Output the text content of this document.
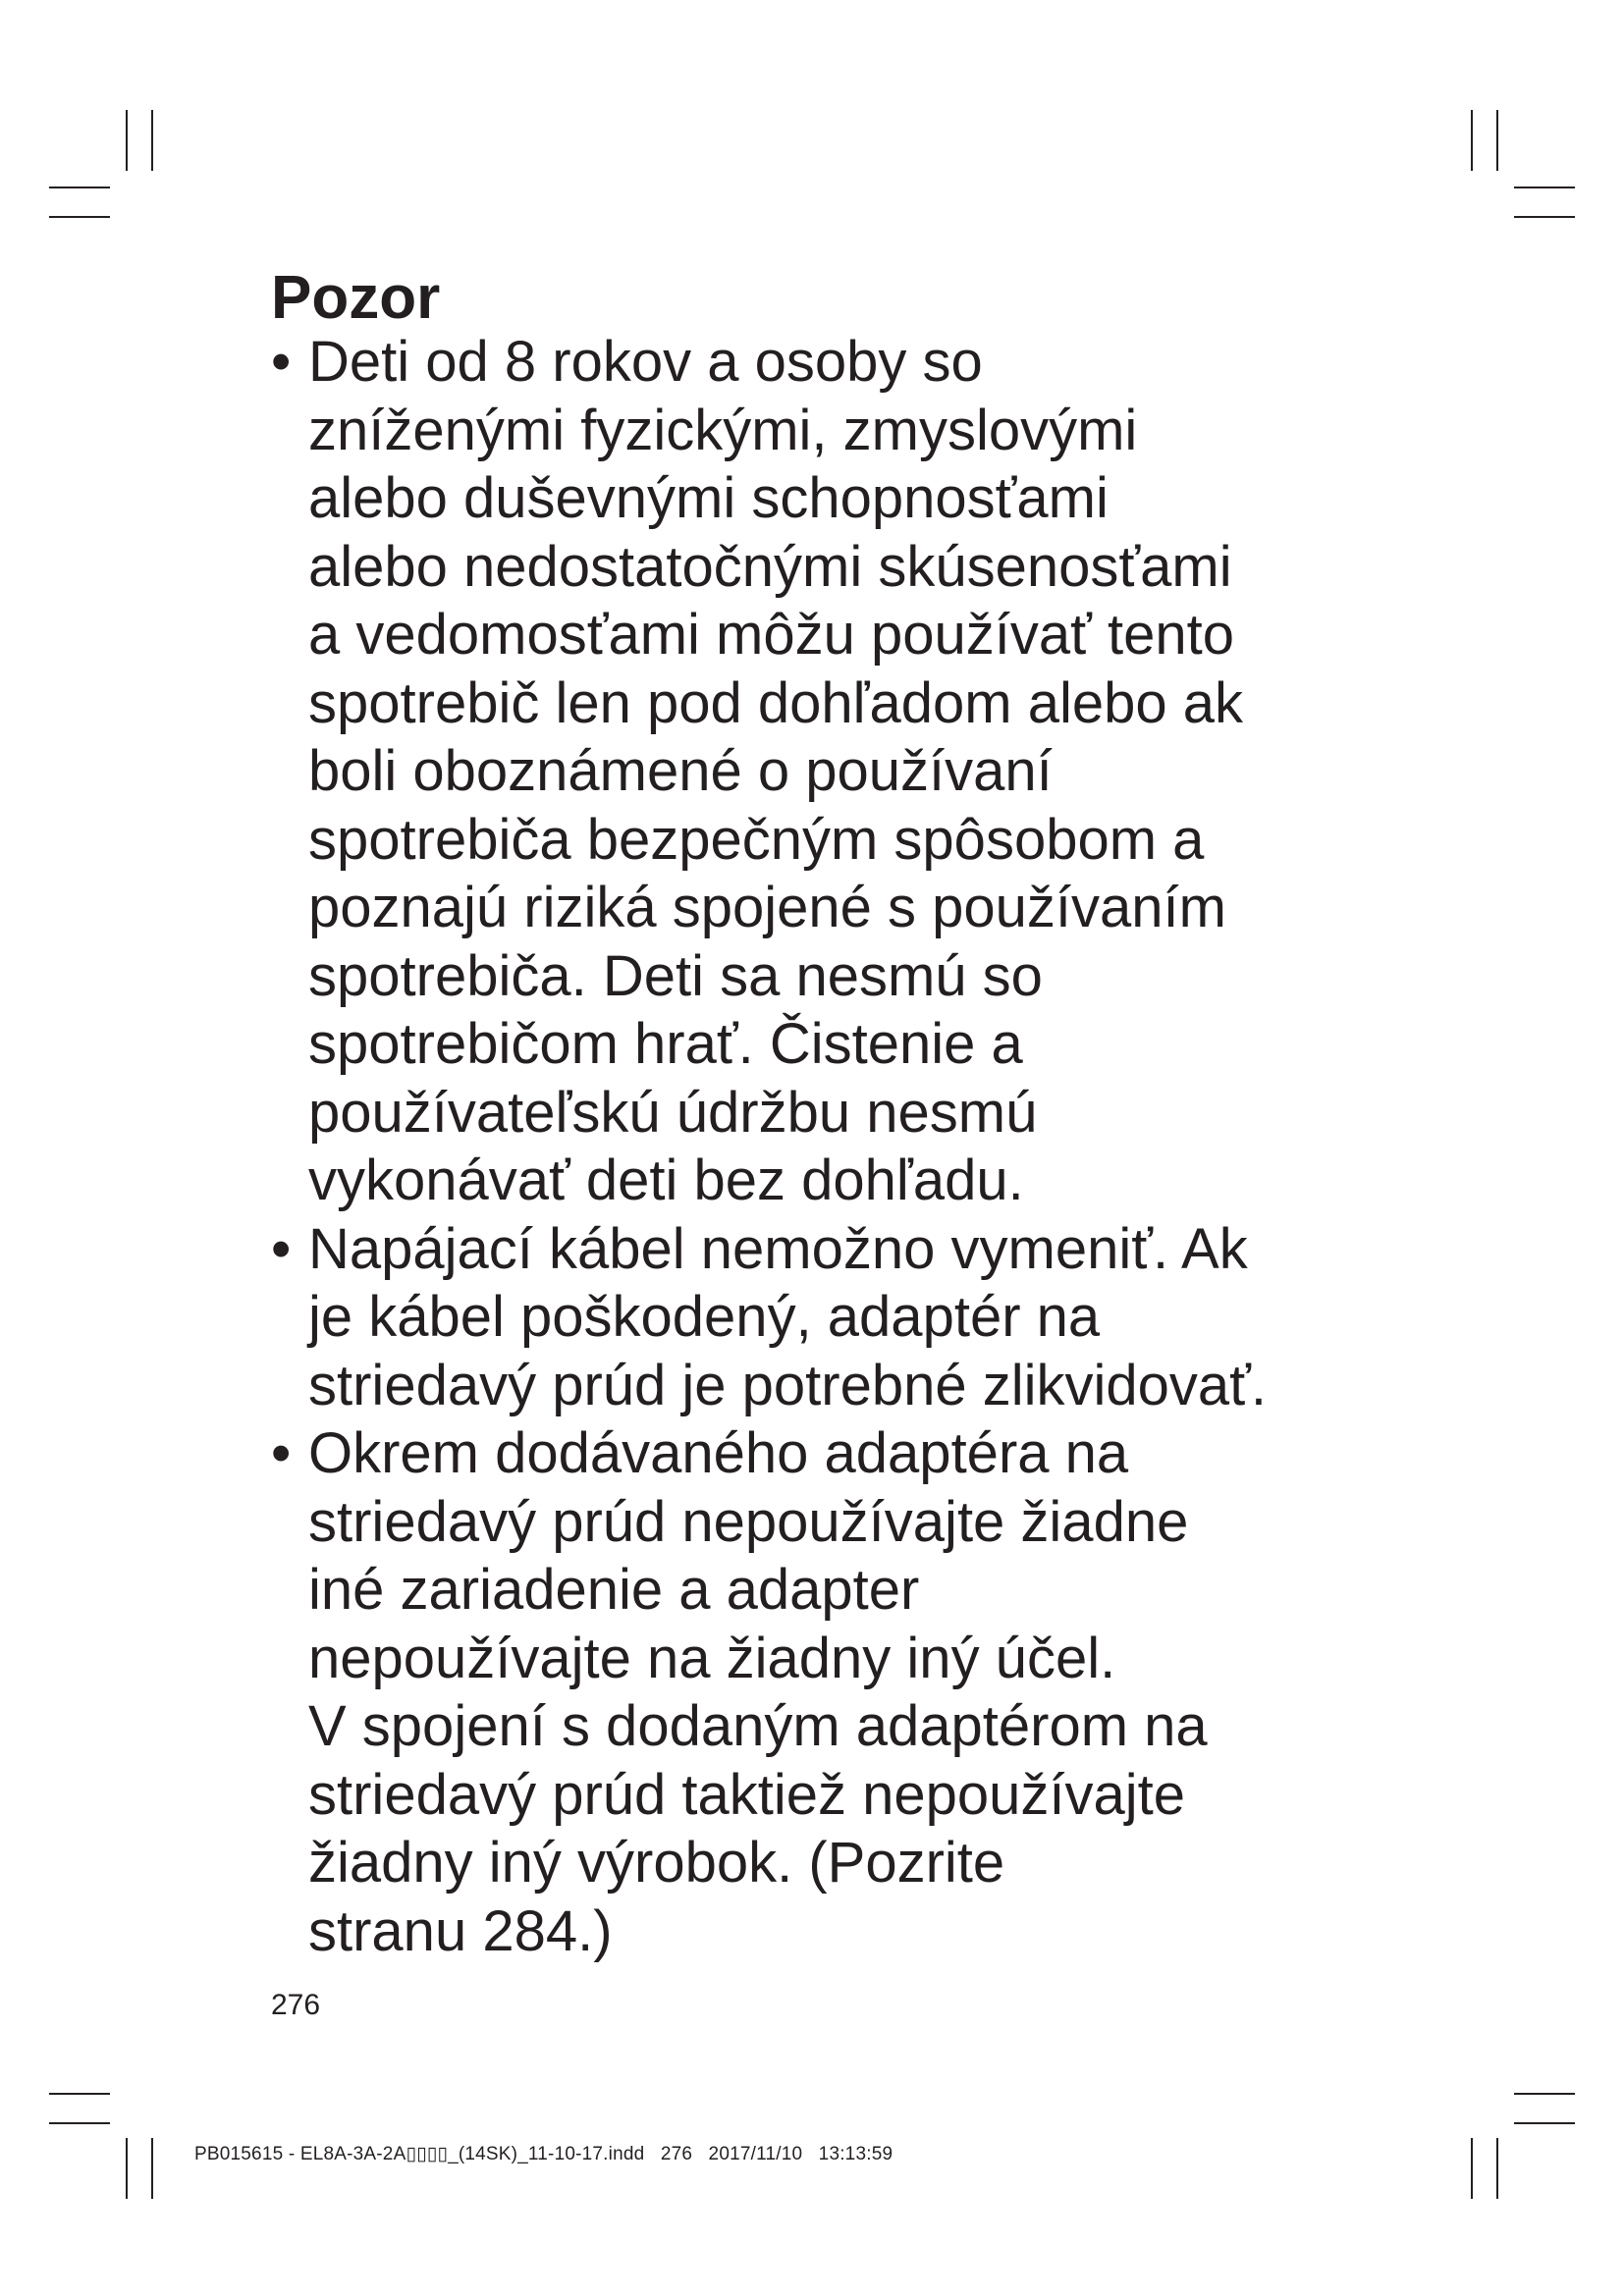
Pozor
• Deti od 8 rokov a osoby so
zníženými fyzickými, zmyslovými
alebo duševnými schopnosťami
alebo nedostatočnými skúsenosťami
a vedomosťami môžu používať tento
spotrebič len pod dohľadom alebo ak
boli oboznámené o používaní
spotrebiča bezpečným spôsobom a
poznajú riziká spojené s používaním
spotrebiča. Deti sa nesmú so
spotrebičom hrať. Čistenie a
používateľskú údržbu nesmú
vykonávať deti bez dohľadu.
• Napájací kábel nemožno vymeniť. Ak
je kábel poškodený, adaptér na
striedavý prúd je potrebné zlikvidovať.
• Okrem dodávaného adaptéra na
striedavý prúd nepoužívajte žiadne
iné zariadenie a adapter
nepoužívajte na žiadny iný účel.
V spojení s dodaným adaptérom na
striedavý prúd taktiež nepoužívajte
žiadny iný výrobok. (Pozrite
stranu 284.)
276
PB015615 - EL8A-3A-2A▯▯▯▯_(14SK)_11-10-17.indd   276   2017/11/10   13:13:59
